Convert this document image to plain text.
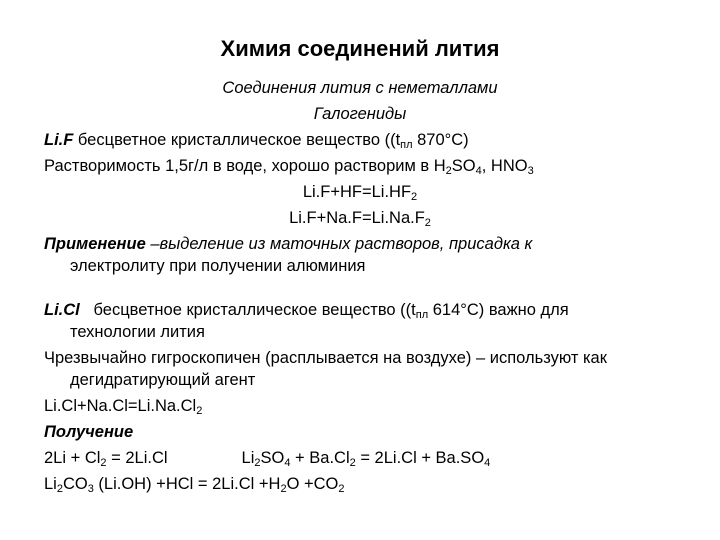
Химия соединений лития
Соединения лития с неметаллами
Галогениды
Li.F бесцветное кристаллическое вещество (($t_{пл}$ 870°C)
Растворимость 1,5г/л в воде, хорошо растворим в $H_2SO_4$, $HNO_3$
$Li.F+HF=Li.HF_2$
$Li.F+Na.F=Li.Na.F_2$
Применение –выделение из маточных растворов, присадка к
электролиту при получении алюминия
Li.Cl   бесцветное кристаллическое вещество (($t_{пл}$ 614°C) важно для
технологии лития
Чрезвычайно гигроскопичен (расплывается на воздухе) – используют как
дегидратирующий агент
$Li.Cl+Na.Cl=Li.Na.Cl_2$
Получение
$2Li + Cl_2 = 2Li.Cl$	$Li_2SO_4 + Ba.Cl_2 = 2Li.Cl + Ba.SO_4$
$Li_2CO_3$ $(Li.OH) +HCl = 2Li.Cl +H_2O +CO_2$
